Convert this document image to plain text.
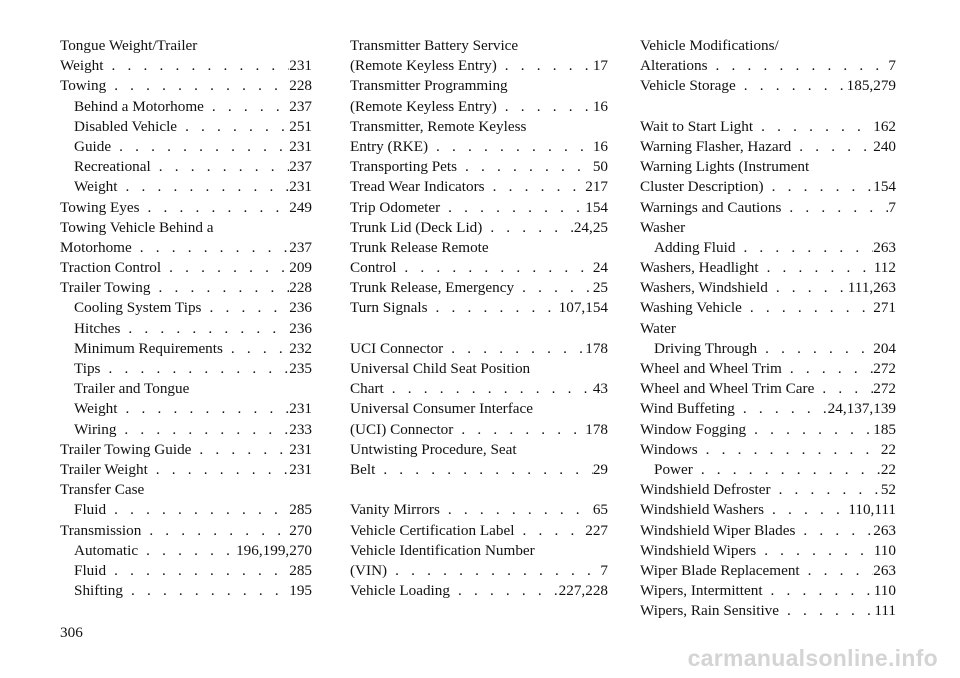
Tongue Weight/Trailer
Weight . . .	231
Towing . . .	228
Behind a Motorhome . . .	237
Disabled Vehicle . . .	251
Guide . . .	231
Recreational . . .	237
Weight . . .	231
Towing Eyes . . .	249
Towing Vehicle Behind a
Motorhome . . .	237
Traction Control . . .	209
Trailer Towing . . .	228
Cooling System Tips . . .	236
Hitches . . .	236
Minimum Requirements . . .	232
Tips . . .	235
Trailer and Tongue
Weight . . .	231
Wiring . . .	233
Trailer Towing Guide . . .	231
Trailer Weight . . .	231
Transfer Case
Fluid . . .	285
Transmission . . .	270
Automatic . . .	196,199,270
Fluid . . .	285
Shifting . . .	195
Transmitter Battery Service
(Remote Keyless Entry) . . .	17
Transmitter Programming
(Remote Keyless Entry) . . .	16
Transmitter, Remote Keyless
Entry (RKE) . . .	16
Transporting Pets . . .	50
Tread Wear Indicators . . .	217
Trip Odometer . . .	154
Trunk Lid (Deck Lid) . . .	24,25
Trunk Release Remote
Control . . .	24
Trunk Release, Emergency . . .	25
Turn Signals . . .	107,154
UCI Connector . . .	178
Universal Child Seat Position
Chart . . .	43
Universal Consumer Interface
(UCI) Connector . . .	178
Untwisting Procedure, Seat
Belt . . .	29
Vanity Mirrors . . .	65
Vehicle Certification Label . . .	227
Vehicle Identification Number
(VIN) . . .	7
Vehicle Loading . . .	227,228
Vehicle Modifications/
Alterations . . .	7
Vehicle Storage . . .	185,279
Wait to Start Light . . .	162
Warning Flasher, Hazard . . .	240
Warning Lights (Instrument
Cluster Description) . . .	154
Warnings and Cautions . . .	7
Washer
Adding Fluid . . .	263
Washers, Headlight . . .	112
Washers, Windshield . . .	111,263
Washing Vehicle . . .	271
Water
Driving Through . . .	204
Wheel and Wheel Trim . . .	272
Wheel and Wheel Trim Care . . .	272
Wind Buffeting . . .	24,137,139
Window Fogging . . .	185
Windows . . .	22
Power . . .	22
Windshield Defroster . . .	52
Windshield Washers . . .	110,111
Windshield Wiper Blades . . .	263
Windshield Wipers . . .	110
Wiper Blade Replacement . . .	263
Wipers, Intermittent . . .	110
Wipers, Rain Sensitive . . .	111
306
carmanualsonline.info
